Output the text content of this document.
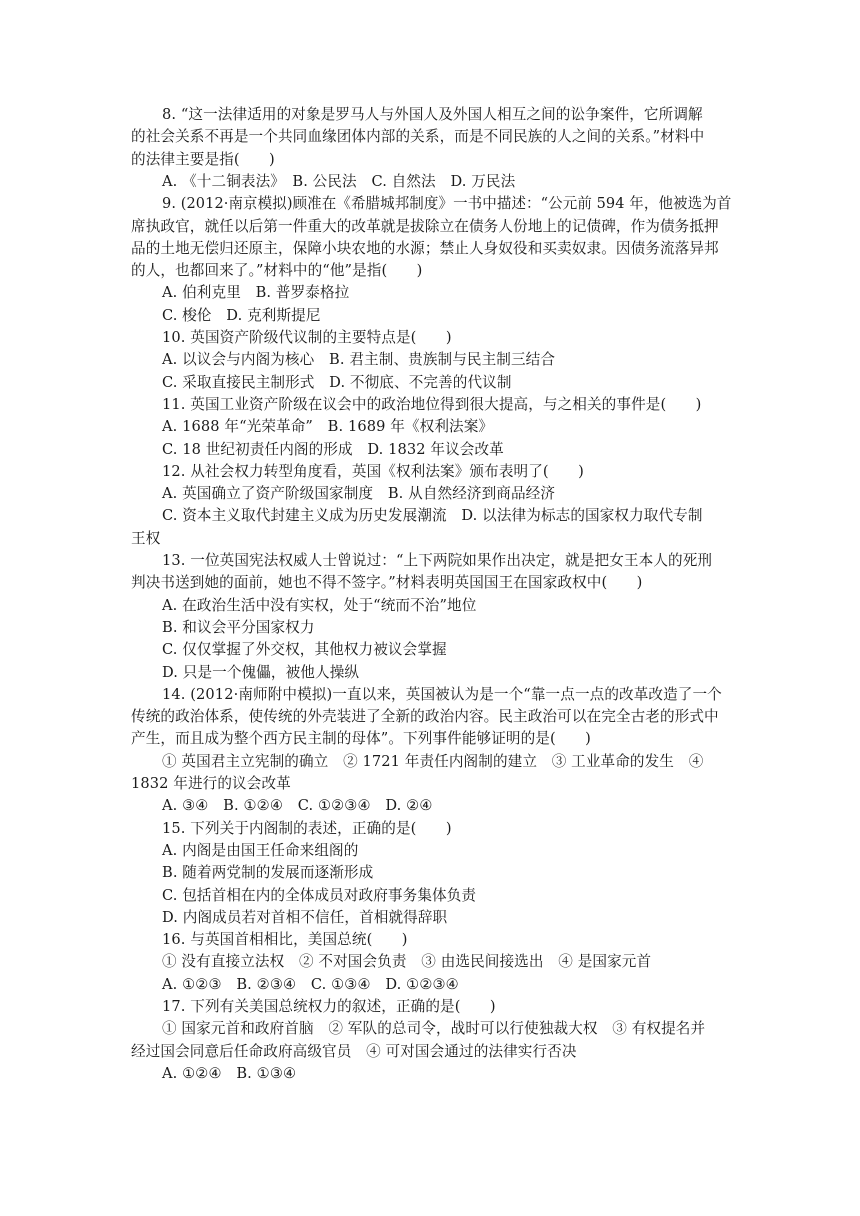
8. “这一法律适用的对象是罗马人与外国人及外国人相互之间的讼争案件，它所调解
的社会关系不再是一个共同血缘团体内部的关系，而是不同民族的人之间的关系。”材料中
的法律主要是指(　　)
A. 《十二铜表法》　B. 公民法　C. 自然法　D. 万民法
9. (2012·南京模拟)顾准在《希腊城邦制度》一书中描述：“公元前 594 年，他被选为首
席执政官，就任以后第一件重大的改革就是拔除立在债务人份地上的记债碑，作为债务抵押
品的土地无偿归还原主，保障小块农地的水源；禁止人身奴役和买卖奴隶。因债务流落异邦
的人，也都回来了。”材料中的“他”是指(　　)
A. 伯利克里　B. 普罗泰格拉
C. 梭伦　D. 克利斯提尼
10. 英国资产阶级代议制的主要特点是(　　)
A. 以议会与内阁为核心　B. 君主制、贵族制与民主制三结合
C. 采取直接民主制形式　D. 不彻底、不完善的代议制
11. 英国工业资产阶级在议会中的政治地位得到很大提高，与之相关的事件是(　　)
A. 1688 年“光荣革命”　B. 1689 年《权利法案》
C. 18 世纪初责任内阁的形成　D. 1832 年议会改革
12. 从社会权力转型角度看，英国《权利法案》颁布表明了(　　)
A. 英国确立了资产阶级国家制度　B. 从自然经济到商品经济
C. 资本主义取代封建主义成为历史发展潮流　D. 以法律为标志的国家权力取代专制
王权
13. 一位英国宪法权威人士曾说过：“上下两院如果作出决定，就是把女王本人的死刑
判决书送到她的面前，她也不得不签字。”材料表明英国国王在国家政权中(　　)
A. 在政治生活中没有实权，处于“统而不治”地位
B. 和议会平分国家权力
C. 仅仅掌握了外交权，其他权力被议会掌握
D. 只是一个傀儡，被他人操纵
14. (2012·南师附中模拟)一直以来，英国被认为是一个“靠一点一点的改革改造了一个
传统的政治体系，使传统的外壳装进了全新的政治内容。民主政治可以在完全古老的形式中
产生，而且成为整个西方民主制的母体”。下列事件能够证明的是(　　)
① 英国君主立宪制的确立　② 1721 年责任内阁制的建立　③ 工业革命的发生　④
1832 年进行的议会改革
A. ③④　B. ①②④　C. ①②③④　D. ②④
15. 下列关于内阁制的表述，正确的是(　　)
A. 内阁是由国王任命来组阁的
B. 随着两党制的发展而逐渐形成
C. 包括首相在内的全体成员对政府事务集体负责
D. 内阁成员若对首相不信任，首相就得辞职
16. 与英国首相相比，美国总统(　　)
① 没有直接立法权　② 不对国会负责　③ 由选民间接选出　④ 是国家元首
A. ①②③　B. ②③④　C. ①③④　D. ①②③④
17. 下列有关美国总统权力的叙述，正确的是(　　)
① 国家元首和政府首脑　② 军队的总司令，战时可以行使独裁大权　③ 有权提名并
经过国会同意后任命政府高级官员　④ 可对国会通过的法律实行否决
A. ①②④　B. ①③④
